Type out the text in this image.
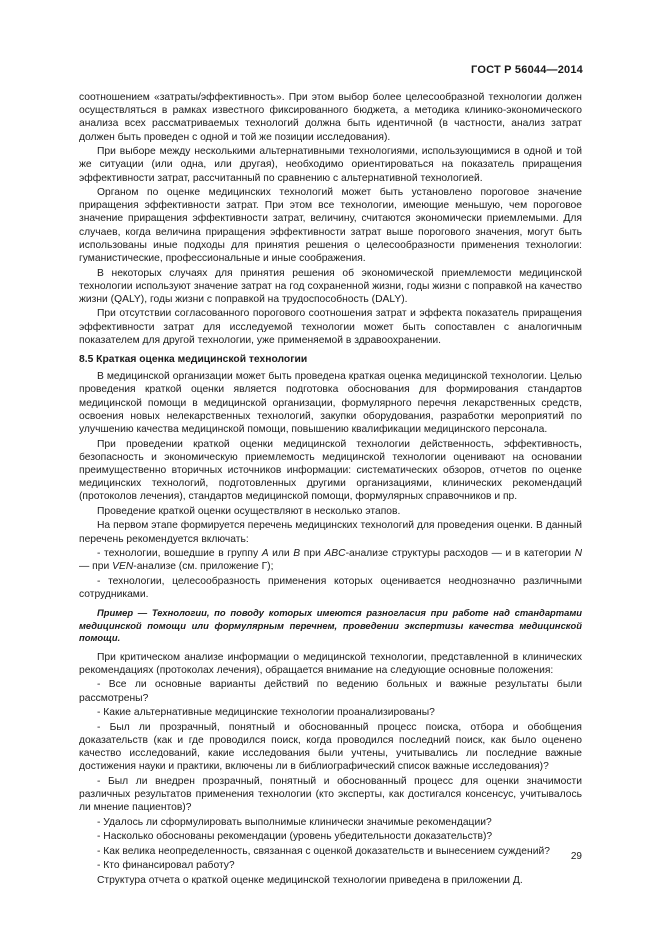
ГОСТ Р 56044—2014

соотношением «затраты/эффективность». При этом выбор более целесообразной технологии должен осуществляться в рамках известного фиксированного бюджета, а методика клинико-экономического анализа всех рассматриваемых технологий должна быть идентичной (в частности, анализ затрат должен быть проведен с одной и той же позиции исследования).

При выборе между несколькими альтернативными технологиями, использующимися в одной и той же ситуации (или одна, или другая), необходимо ориентироваться на показатель приращения эффективности затрат, рассчитанный по сравнению с альтернативной технологией.

Органом по оценке медицинских технологий может быть установлено пороговое значение приращения эффективности затрат. При этом все технологии, имеющие меньшую, чем пороговое значение приращения эффективности затрат, величину, считаются экономически приемлемыми. Для случаев, когда величина приращения эффективности затрат выше порогового значения, могут быть использованы иные подходы для принятия решения о целесообразности применения технологии: гуманистические, профессиональные и иные соображения.

В некоторых случаях для принятия решения об экономической приемлемости медицинской технологии используют значение затрат на год сохраненной жизни, годы жизни с поправкой на качество жизни (QALY), годы жизни с поправкой на трудоспособность (DALY).

При отсутствии согласованного порогового соотношения затрат и эффекта показатель приращения эффективности затрат для исследуемой технологии может быть сопоставлен с аналогичным показателем для другой технологии, уже применяемой в здравоохранении.

8.5 Краткая оценка медицинской технологии

В медицинской организации может быть проведена краткая оценка медицинской технологии. Целью проведения краткой оценки является подготовка обоснования для формирования стандартов медицинской помощи в медицинской организации, формулярного перечня лекарственных средств, освоения новых нелекарственных технологий, закупки оборудования, разработки мероприятий по улучшению качества медицинской помощи, повышению квалификации медицинского персонала.

При проведении краткой оценки медицинской технологии действенность, эффективность, безопасность и экономическую приемлемость медицинской технологии оценивают на основании преимущественно вторичных источников информации: систематических обзоров, отчетов по оценке медицинских технологий, подготовленных другими организациями, клинических рекомендаций (протоколов лечения), стандартов медицинской помощи, формулярных справочников и пр.

Проведение краткой оценки осуществляют в несколько этапов.

На первом этапе формируется перечень медицинских технологий для проведения оценки. В данный перечень рекомендуется включать:

- технологии, вошедшие в группу A или B при ABC-анализе структуры расходов — и в категории N — при VEN-анализе (см. приложение Г);

- технологии, целесообразность применения которых оценивается неоднозначно различными сотрудниками.

Пример — Технологии, по поводу которых имеются разногласия при работе над стандартами медицинской помощи или формулярным перечнем, проведении экспертизы качества медицинской помощи.

При критическом анализе информации о медицинской технологии, представленной в клинических рекомендациях (протоколах лечения), обращается внимание на следующие основные положения:

- Все ли основные варианты действий по ведению больных и важные результаты были рассмотрены?

- Какие альтернативные медицинские технологии проанализированы?

- Был ли прозрачный, понятный и обоснованный процесс поиска, отбора и обобщения доказательств (как и где проводился поиск, когда проводился последний поиск, как было оценено качество исследований, какие исследования были учтены, учитывались ли последние важные достижения науки и практики, включены ли в библиографический список важные исследования)?

- Был ли внедрен прозрачный, понятный и обоснованный процесс для оценки значимости различных результатов применения технологии (кто эксперты, как достигался консенсус, учитывалось ли мнение пациентов)?

- Удалось ли сформулировать выполнимые клинически значимые рекомендации?

- Насколько обоснованы рекомендации (уровень убедительности доказательств)?

- Как велика неопределенность, связанная с оценкой доказательств и вынесением суждений?

- Кто финансировал работу?

Структура отчета о краткой оценке медицинской технологии приведена в приложении Д.

29
